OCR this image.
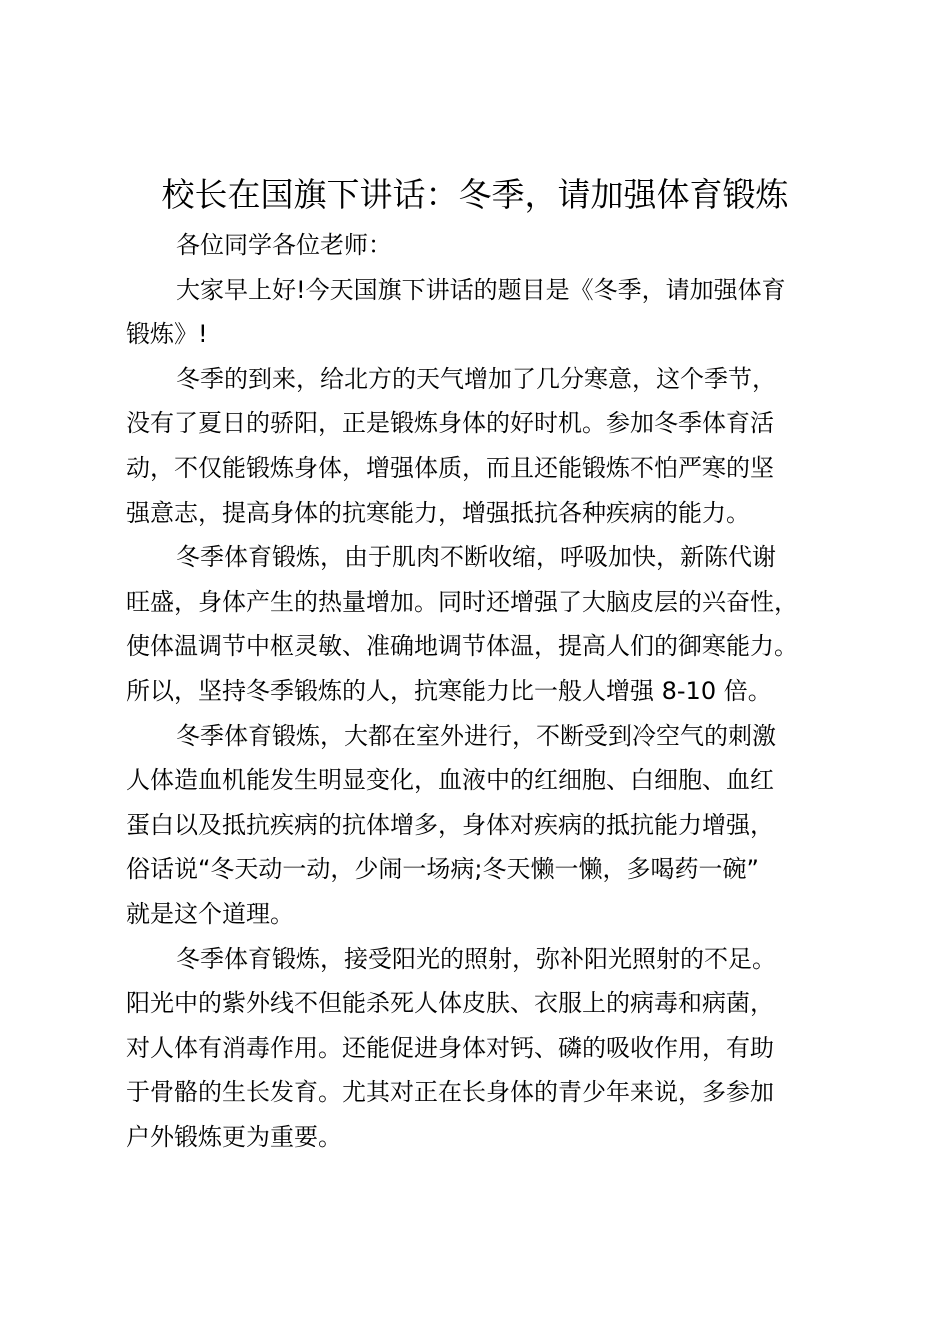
校长在国旗下讲话：冬季，请加强体育锻炼
各位同学各位老师：
大家早上好!今天国旗下讲话的题目是《冬季，请加强体育
锻炼》!
冬季的到来，给北方的天气增加了几分寒意，这个季节，
没有了夏日的骄阳，正是锻炼身体的好时机。参加冬季体育活
动，不仅能锻炼身体，增强体质，而且还能锻炼不怕严寒的坚
强意志，提高身体的抗寒能力，增强抵抗各种疾病的能力。
冬季体育锻炼，由于肌肉不断收缩，呼吸加快，新陈代谢
旺盛，身体产生的热量增加。同时还增强了大脑皮层的兴奋性，
使体温调节中枢灵敏、准确地调节体温，提高人们的御寒能力。
所以，坚持冬季锻炼的人，抗寒能力比一般人增强 8-10 倍。
冬季体育锻炼，大都在室外进行，不断受到冷空气的刺激
人体造血机能发生明显变化，血液中的红细胞、白细胞、血红
蛋白以及抵抗疾病的抗体增多，身体对疾病的抵抗能力增强，
俗话说“冬天动一动，少闹一场病;冬天懒一懒，多喝药一碗”
就是这个道理。
冬季体育锻炼，接受阳光的照射，弥补阳光照射的不足。
阳光中的紫外线不但能杀死人体皮肤、衣服上的病毒和病菌，
对人体有消毒作用。还能促进身体对钙、磷的吸收作用，有助
于骨骼的生长发育。尤其对正在长身体的青少年来说，多参加
户外锻炼更为重要。
